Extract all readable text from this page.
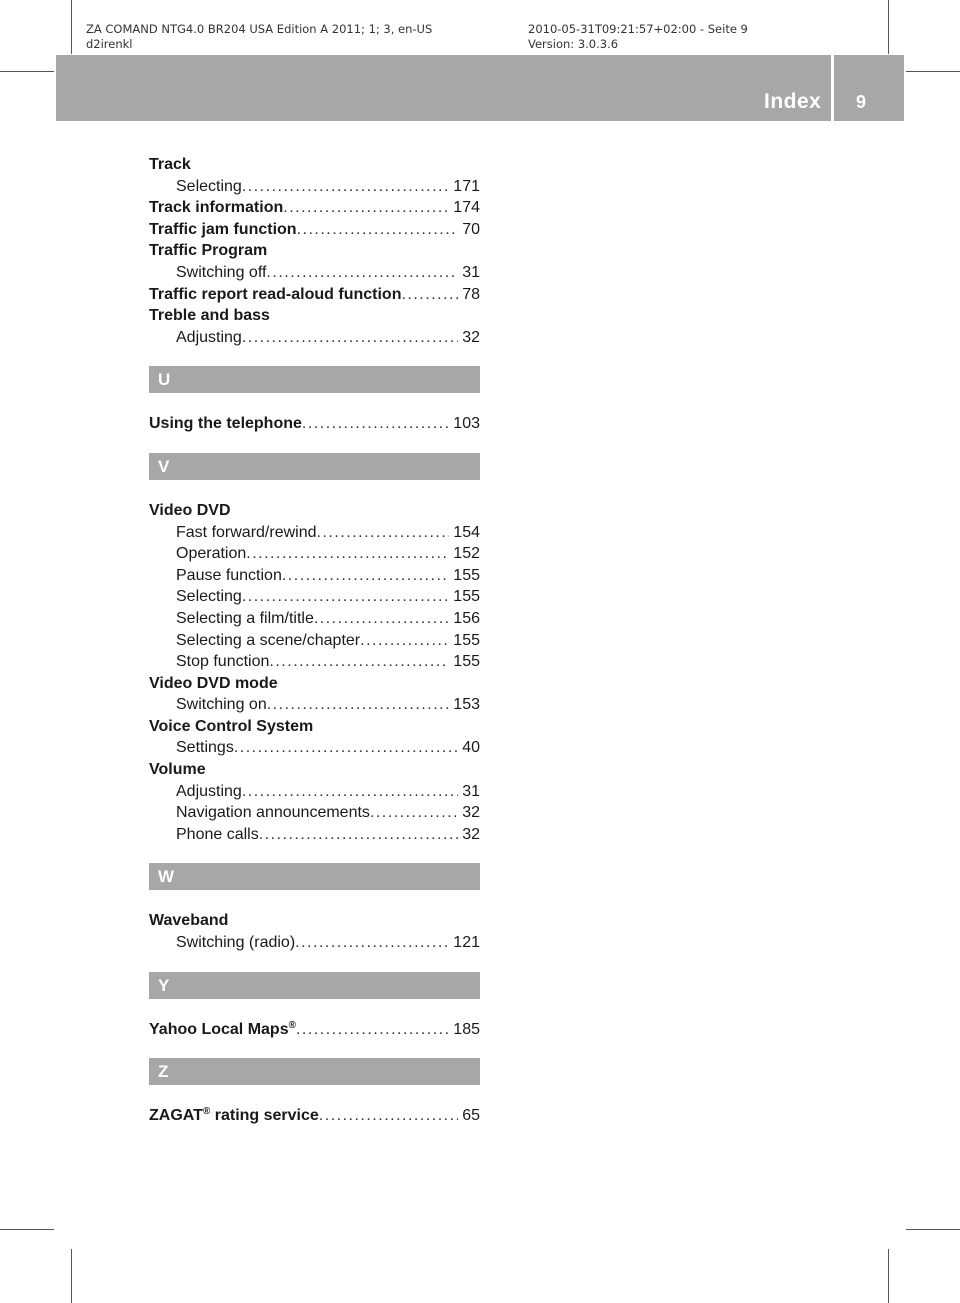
ZA COMAND NTG4.0 BR204 USA Edition A 2011; 1; 3, en-US
d2irenkl
2010-05-31T09:21:57+02:00 - Seite 9
Version: 3.0.3.6
Index 9
Track
Selecting .....	171
Track information .....	174
Traffic jam function .....	70
Traffic Program
Switching off .....	31
Traffic report read-aloud function .....	78
Treble and bass
Adjusting .....	32
U
Using the telephone .....	103
V
Video DVD
Fast forward/rewind .....	154
Operation .....	152
Pause function .....	155
Selecting .....	155
Selecting a film/title .....	156
Selecting a scene/chapter .....	155
Stop function .....	155
Video DVD mode
Switching on .....	153
Voice Control System
Settings .....	40
Volume
Adjusting .....	31
Navigation announcements .....	32
Phone calls .....	32
W
Waveband
Switching (radio) .....	121
Y
Yahoo Local Maps® .....	185
Z
ZAGAT® rating service .....	65
